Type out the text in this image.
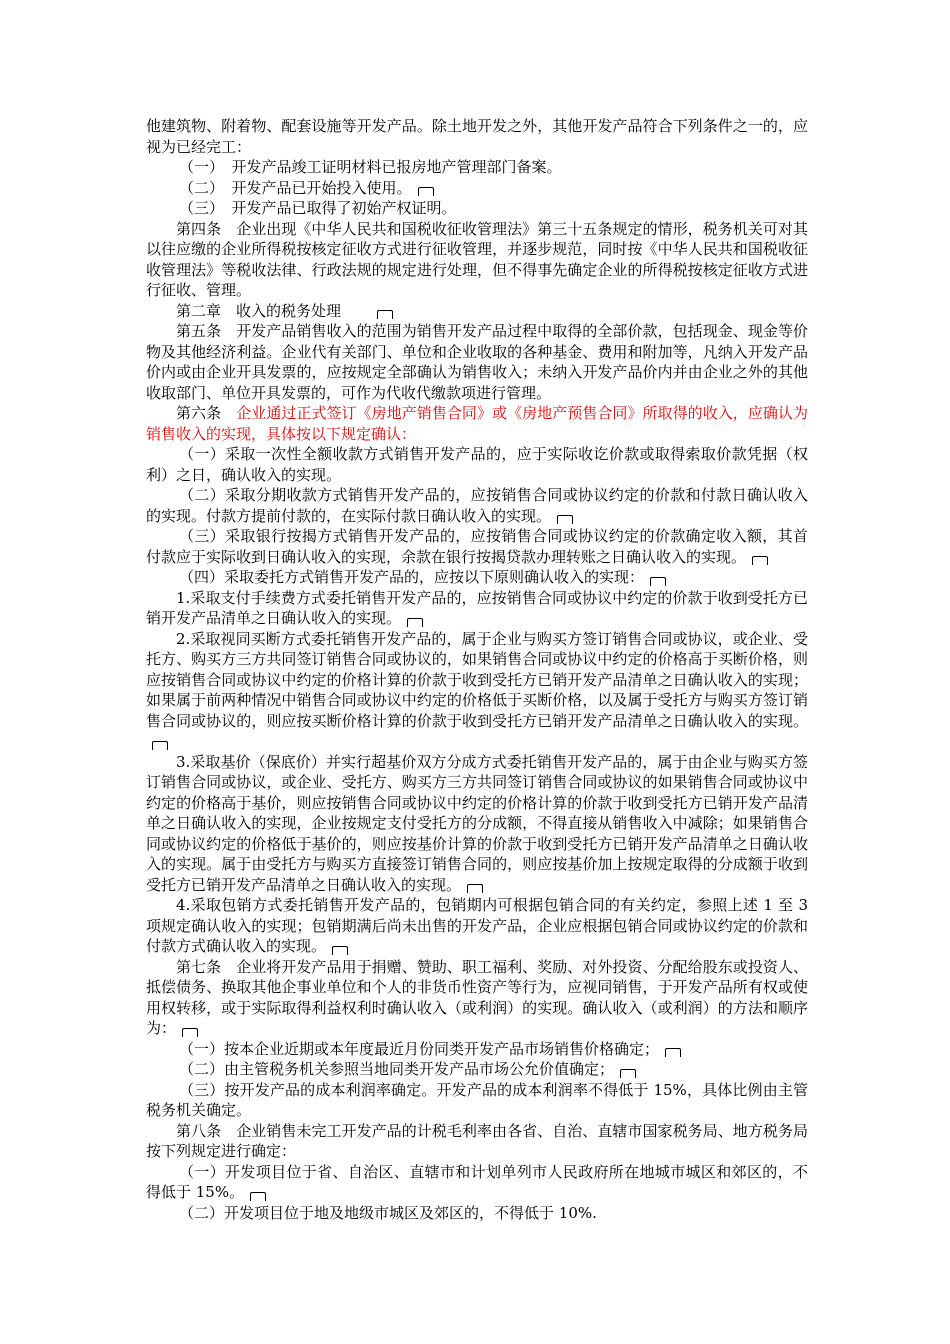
他建筑物、附着物、配套设施等开发产品。除土地开发之外，其他开发产品符合下列条件之一的，应视为已经完工：

（一）　开发产品竣工证明材料已报房地产管理部门备案。

（二）　开发产品已开始投入使用。

（三）　开发产品已取得了初始产权证明。

第四条　企业出现《中华人民共和国税收征收管理法》第三十五条规定的情形，税务机关可对其以往应缴的企业所得税按核定征收方式进行征收管理，并逐步规范，同时按《中华人民共和国税收征收管理法》等税收法律、行政法规的规定进行处理，但不得事先确定企业的所得税按核定征收方式进行征收、管理。

第二章　收入的税务处理　　

第五条　开发产品销售收入的范围为销售开发产品过程中取得的全部价款，包括现金、现金等价物及其他经济利益。企业代有关部门、单位和企业收取的各种基金、费用和附加等，凡纳入开发产品价内或由企业开具发票的，应按规定全部确认为销售收入；未纳入开发产品价内并由企业之外的其他收取部门、单位开具发票的，可作为代收代缴款项进行管理。

第六条　企业通过正式签订《房地产销售合同》或《房地产预售合同》所取得的收入，应确认为销售收入的实现，具体按以下规定确认：

（一）采取一次性全额收款方式销售开发产品的，应于实际收讫价款或取得索取价款凭据（权利）之日，确认收入的实现。

（二）采取分期收款方式销售开发产品的，应按销售合同或协议约定的价款和付款日确认收入的实现。付款方提前付款的，在实际付款日确认收入的实现。

（三）采取银行按揭方式销售开发产品的，应按销售合同或协议约定的价款确定收入额，其首付款应于实际收到日确认收入的实现，余款在银行按揭贷款办理转账之日确认收入的实现。

（四）采取委托方式销售开发产品的，应按以下原则确认收入的实现：

1.采取支付手续费方式委托销售开发产品的，应按销售合同或协议中约定的价款于收到受托方已销开发产品清单之日确认收入的实现。

2.采取视同买断方式委托销售开发产品的，属于企业与购买方签订销售合同或协议，或企业、受托方、购买方三方共同签订销售合同或协议的，如果销售合同或协议中约定的价格高于买断价格，则应按销售合同或协议中约定的价格计算的价款于收到受托方已销开发产品清单之日确认收入的实现；如果属于前两种情况中销售合同或协议中约定的价格低于买断价格，以及属于受托方与购买方签订销售合同或协议的，则应按买断价格计算的价款于收到受托方已销开发产品清单之日确认收入的实现。

3.采取基价（保底价）并实行超基价双方分成方式委托销售开发产品的，属于由企业与购买方签订销售合同或协议，或企业、受托方、购买方三方共同签订销售合同或协议的如果销售合同或协议中约定的价格高于基价，则应按销售合同或协议中约定的价格计算的价款于收到受托方已销开发产品清单之日确认收入的实现，企业按规定支付受托方的分成额，不得直接从销售收入中减除；如果销售合同或协议约定的价格低于基价的，则应按基价计算的价款于收到受托方已销开发产品清单之日确认收入的实现。属于由受托方与购买方直接签订销售合同的，则应按基价加上按规定取得的分成额于收到受托方已销开发产品清单之日确认收入的实现。

4.采取包销方式委托销售开发产品的，包销期内可根据包销合同的有关约定，参照上述 1 至 3 项规定确认收入的实现；包销期满后尚未出售的开发产品，企业应根据包销合同或协议约定的价款和付款方式确认收入的实现。

第七条　企业将开发产品用于捐赠、赞助、职工福利、奖励、对外投资、分配给股东或投资人、抵偿债务、换取其他企事业单位和个人的非货币性资产等行为，应视同销售，于开发产品所有权或使用权转移，或于实际取得利益权利时确认收入（或利润）的实现。确认收入（或利润）的方法和顺序为：

（一）按本企业近期或本年度最近月份同类开发产品市场销售价格确定；

（二）由主管税务机关参照当地同类开发产品市场公允价值确定；

（三）按开发产品的成本利润率确定。开发产品的成本利润率不得低于 15%，具体比例由主管税务机关确定。

第八条　企业销售未完工开发产品的计税毛利率由各省、自治、直辖市国家税务局、地方税务局按下列规定进行确定：

（一）开发项目位于省、自治区、直辖市和计划单列市人民政府所在地城市城区和郊区的，不得低于 15%。

（二）开发项目位于地及地级市城区及郊区的，不得低于 10%.
